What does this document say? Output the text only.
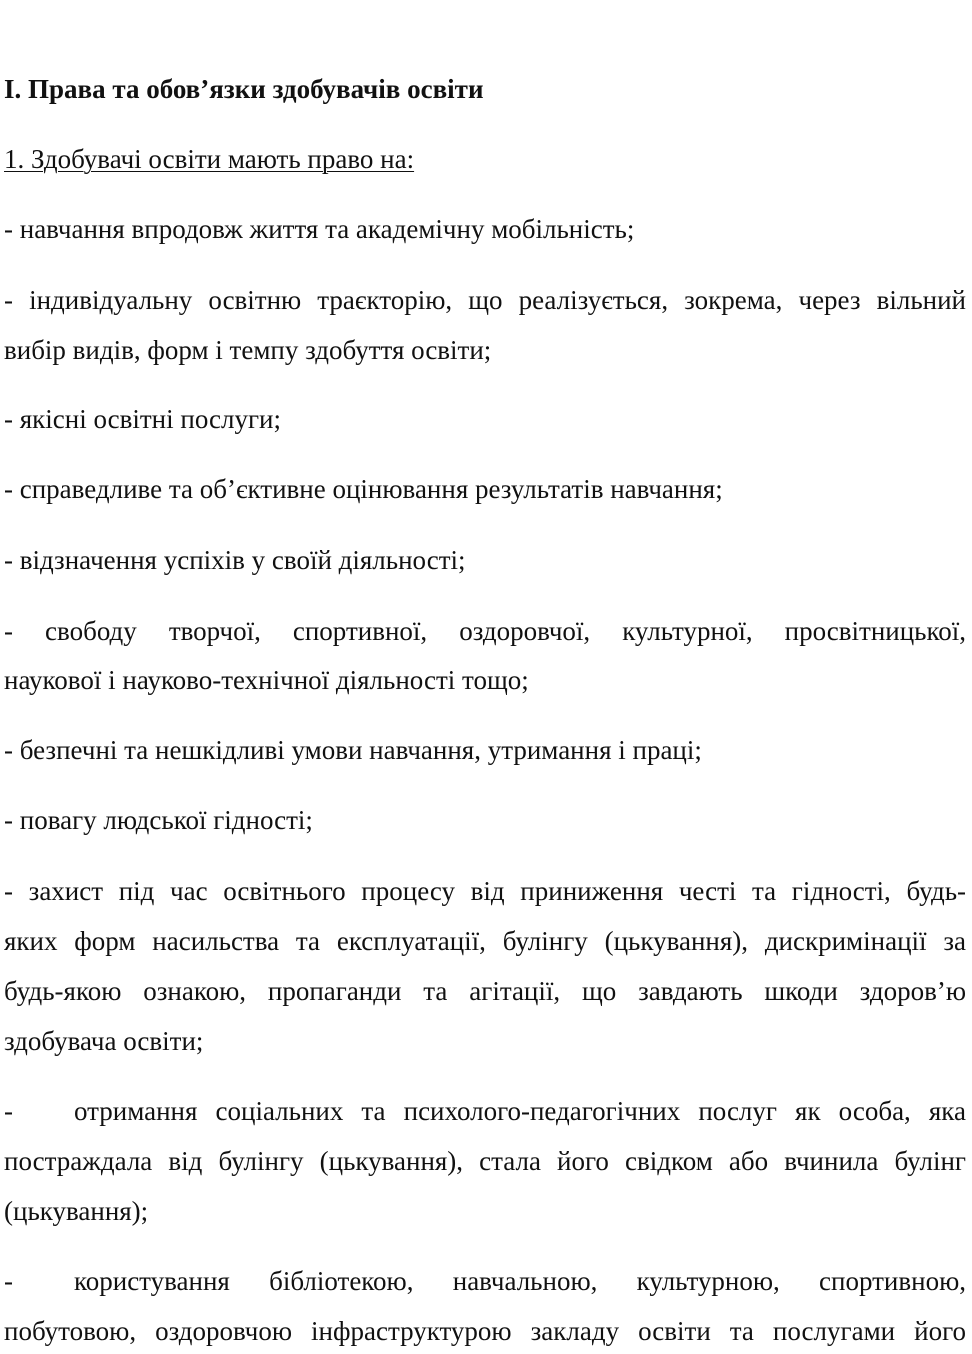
І. Права та обов’язки здобувачів освіти
1. Здобувачі освіти мають право на:
- навчання впродовж життя та академічну мобільність;
- індивідуальну освітню траєкторію, що реалізується, зокрема, через вільний
вибір видів, форм і темпу здобуття освіти;
- якісні освітні послуги;
- справедливе та об’єктивне оцінювання результатів навчання;
- відзначення успіхів у своїй діяльності;
- свободу творчої, спортивної, оздоровчої, культурної, просвітницької,
наукової і науково-технічної діяльності тощо;
- безпечні та нешкідливі умови навчання, утримання і праці;
- повагу людської гідності;
- захист під час освітнього процесу від приниження честі та гідності, будь-
яких форм насильства та експлуатації, булінгу (цькування), дискримінації за
будь-якою ознакою, пропаганди та агітації, що завдають шкоди здоров’ю
здобувача освіти;
-	отримання соціальних та психолого-педагогічних послуг як особа, яка
постраждала від булінгу (цькування), стала його свідком або вчинила булінг
(цькування);
-	користування бібліотекою, навчальною, культурною, спортивною,
побутовою, оздоровчою інфраструктурою закладу освіти та послугами його
